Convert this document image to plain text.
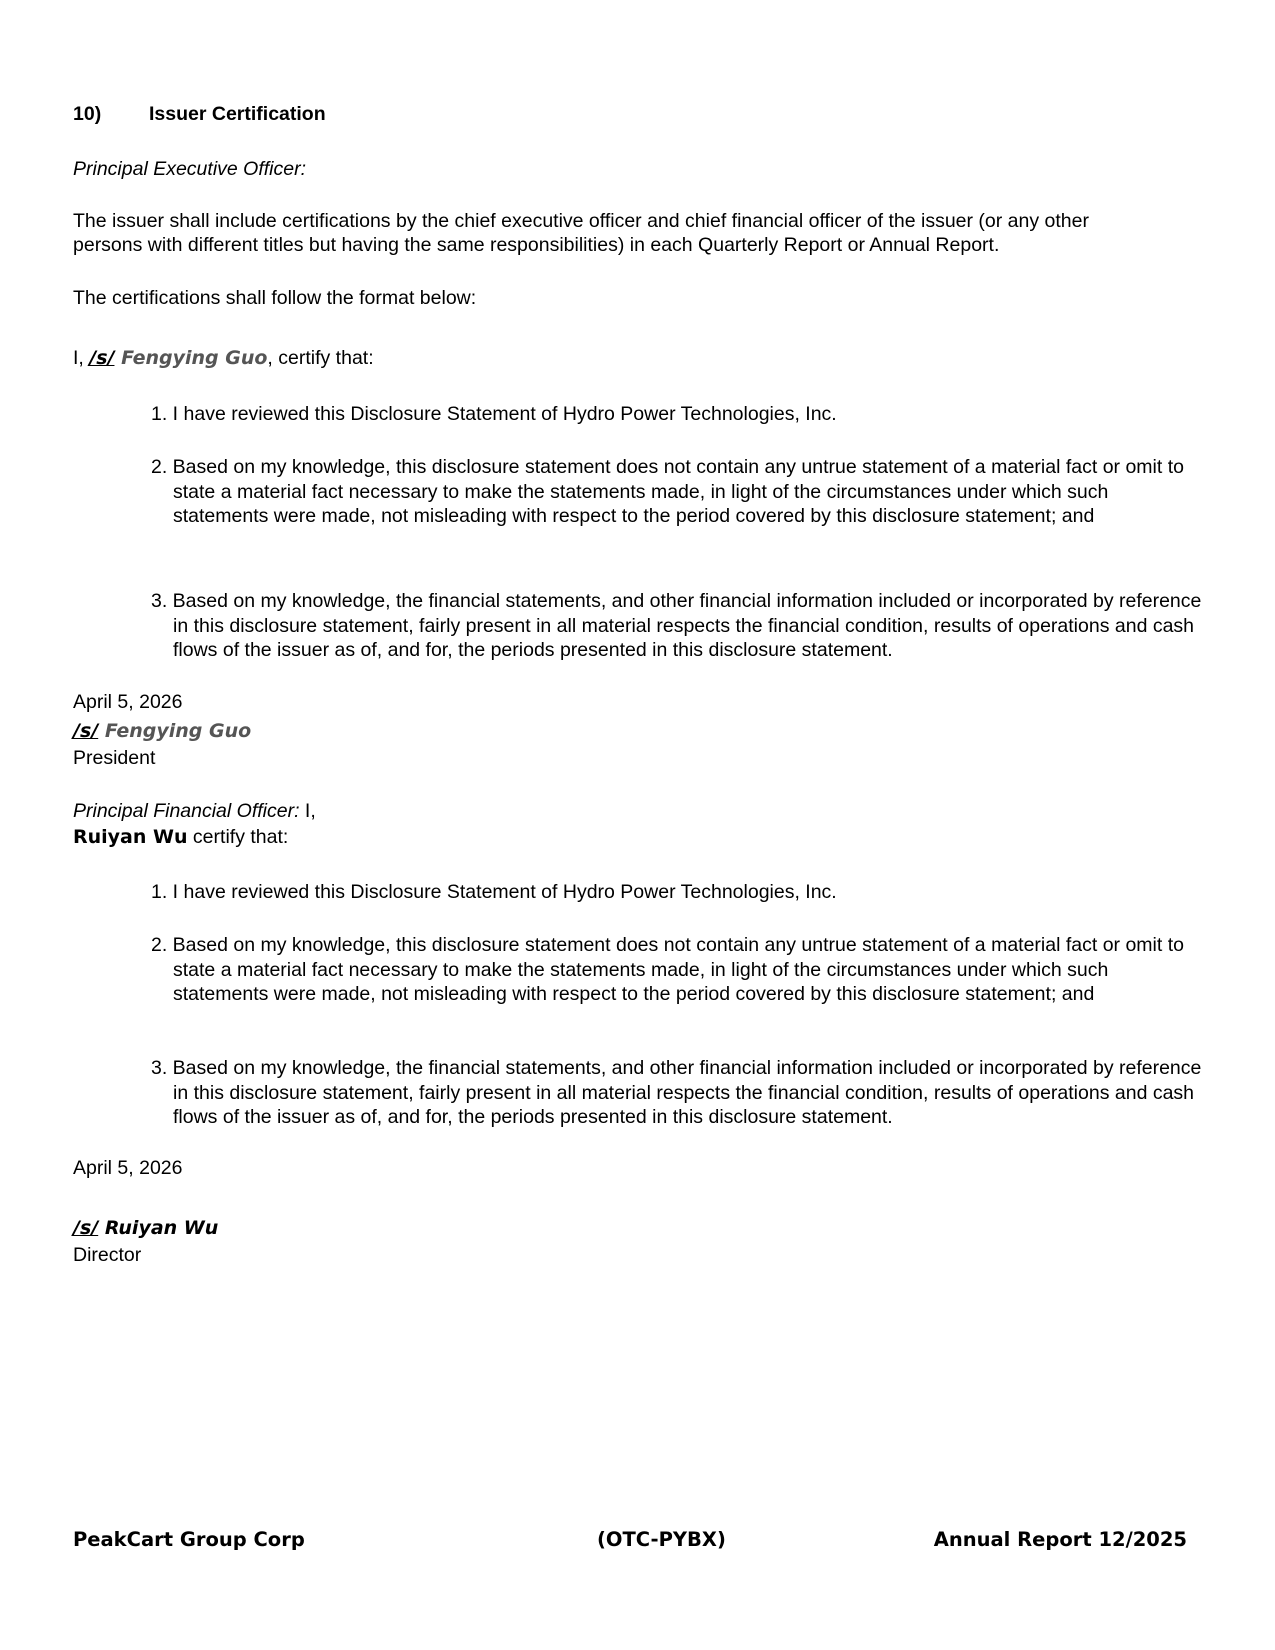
10) Issuer Certification
Principal Executive Officer:
The issuer shall include certifications by the chief executive officer and chief financial officer of the issuer (or any other
persons with different titles but having the same responsibilities) in each Quarterly Report or Annual Report.
The certifications shall follow the format below:
I, /s/ Fengying Guo, certify that:
1. I have reviewed this Disclosure Statement of Hydro Power Technologies, Inc.
2. Based on my knowledge, this disclosure statement does not contain any untrue statement of a material fact or omit to state a material fact necessary to make the statements made, in light of the circumstances under which such statements were made, not misleading with respect to the period covered by this disclosure statement; and
3. Based on my knowledge, the financial statements, and other financial information included or incorporated by reference in this disclosure statement, fairly present in all material respects the financial condition, results of operations and cash flows of the issuer as of, and for, the periods presented in this disclosure statement.
April 5, 2026
/s/ Fengying Guo
President
Principal Financial Officer: I,
Ruiyan Wu certify that:
1. I have reviewed this Disclosure Statement of Hydro Power Technologies, Inc.
2. Based on my knowledge, this disclosure statement does not contain any untrue statement of a material fact or omit to state a material fact necessary to make the statements made, in light of the circumstances under which such statements were made, not misleading with respect to the period covered by this disclosure statement; and
3. Based on my knowledge, the financial statements, and other financial information included or incorporated by reference in this disclosure statement, fairly present in all material respects the financial condition, results of operations and cash flows of the issuer as of, and for, the periods presented in this disclosure statement.
April 5, 2026
/s/ Ruiyan Wu
Director
PeakCart Group Corp	(OTC-PYBX)	Annual Report 12/2025
